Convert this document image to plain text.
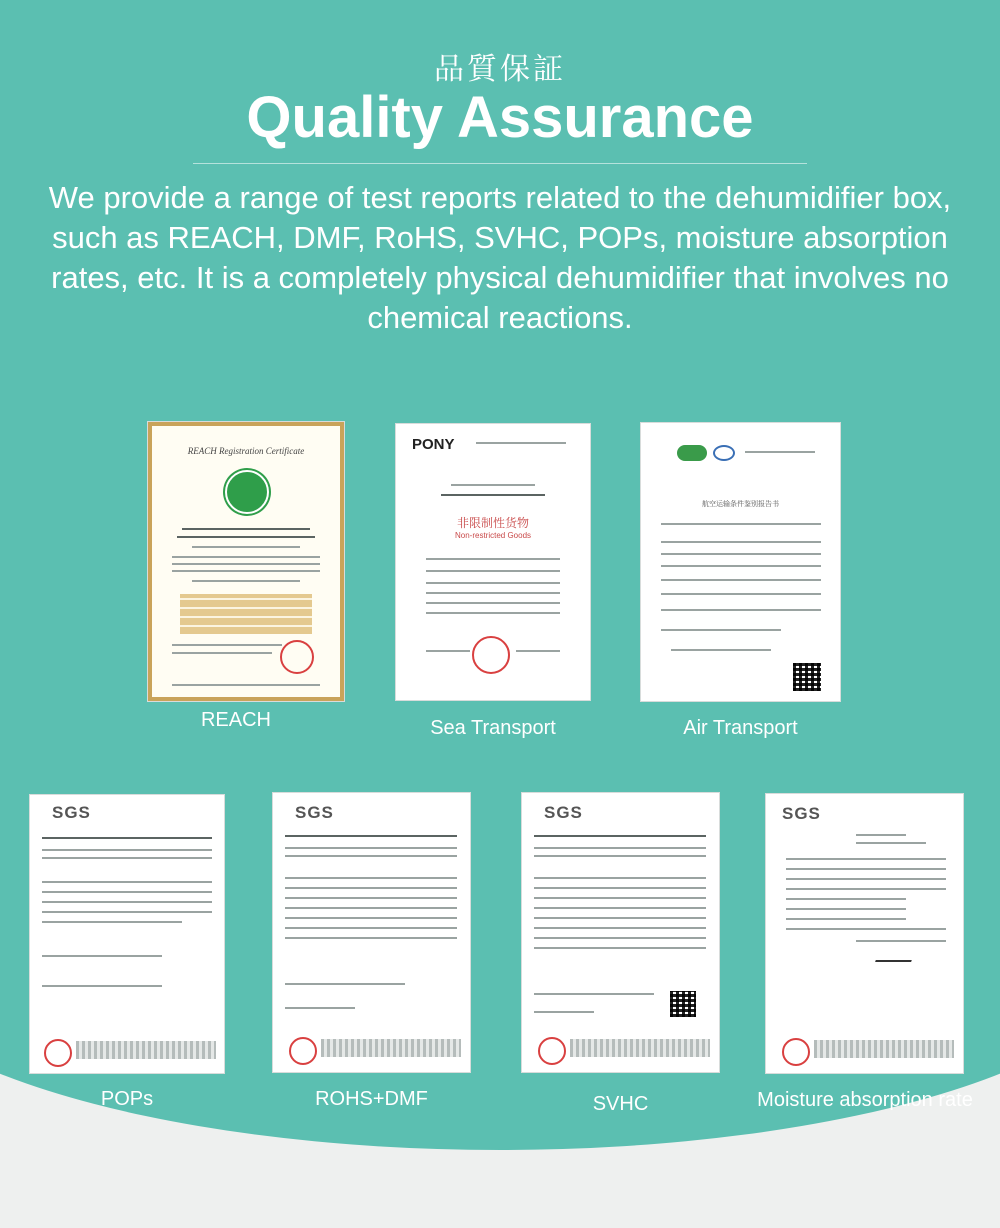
品質保証
Quality Assurance
We provide a range of test reports related to the dehumidifier box, such as REACH, DMF, RoHS, SVHC, POPs, moisture absorption rates, etc. It is a completely physical dehumidifier that involves no chemical reactions.
REACH Registration Certificate
REACH
PONY
非限制性货物
Non-restricted Goods
Sea Transport
航空运输条件鉴别报告书
Air Transport
SGS
POPs
SGS
ROHS+DMF
SGS
SVHC
SGS
Moisture absorption rate
